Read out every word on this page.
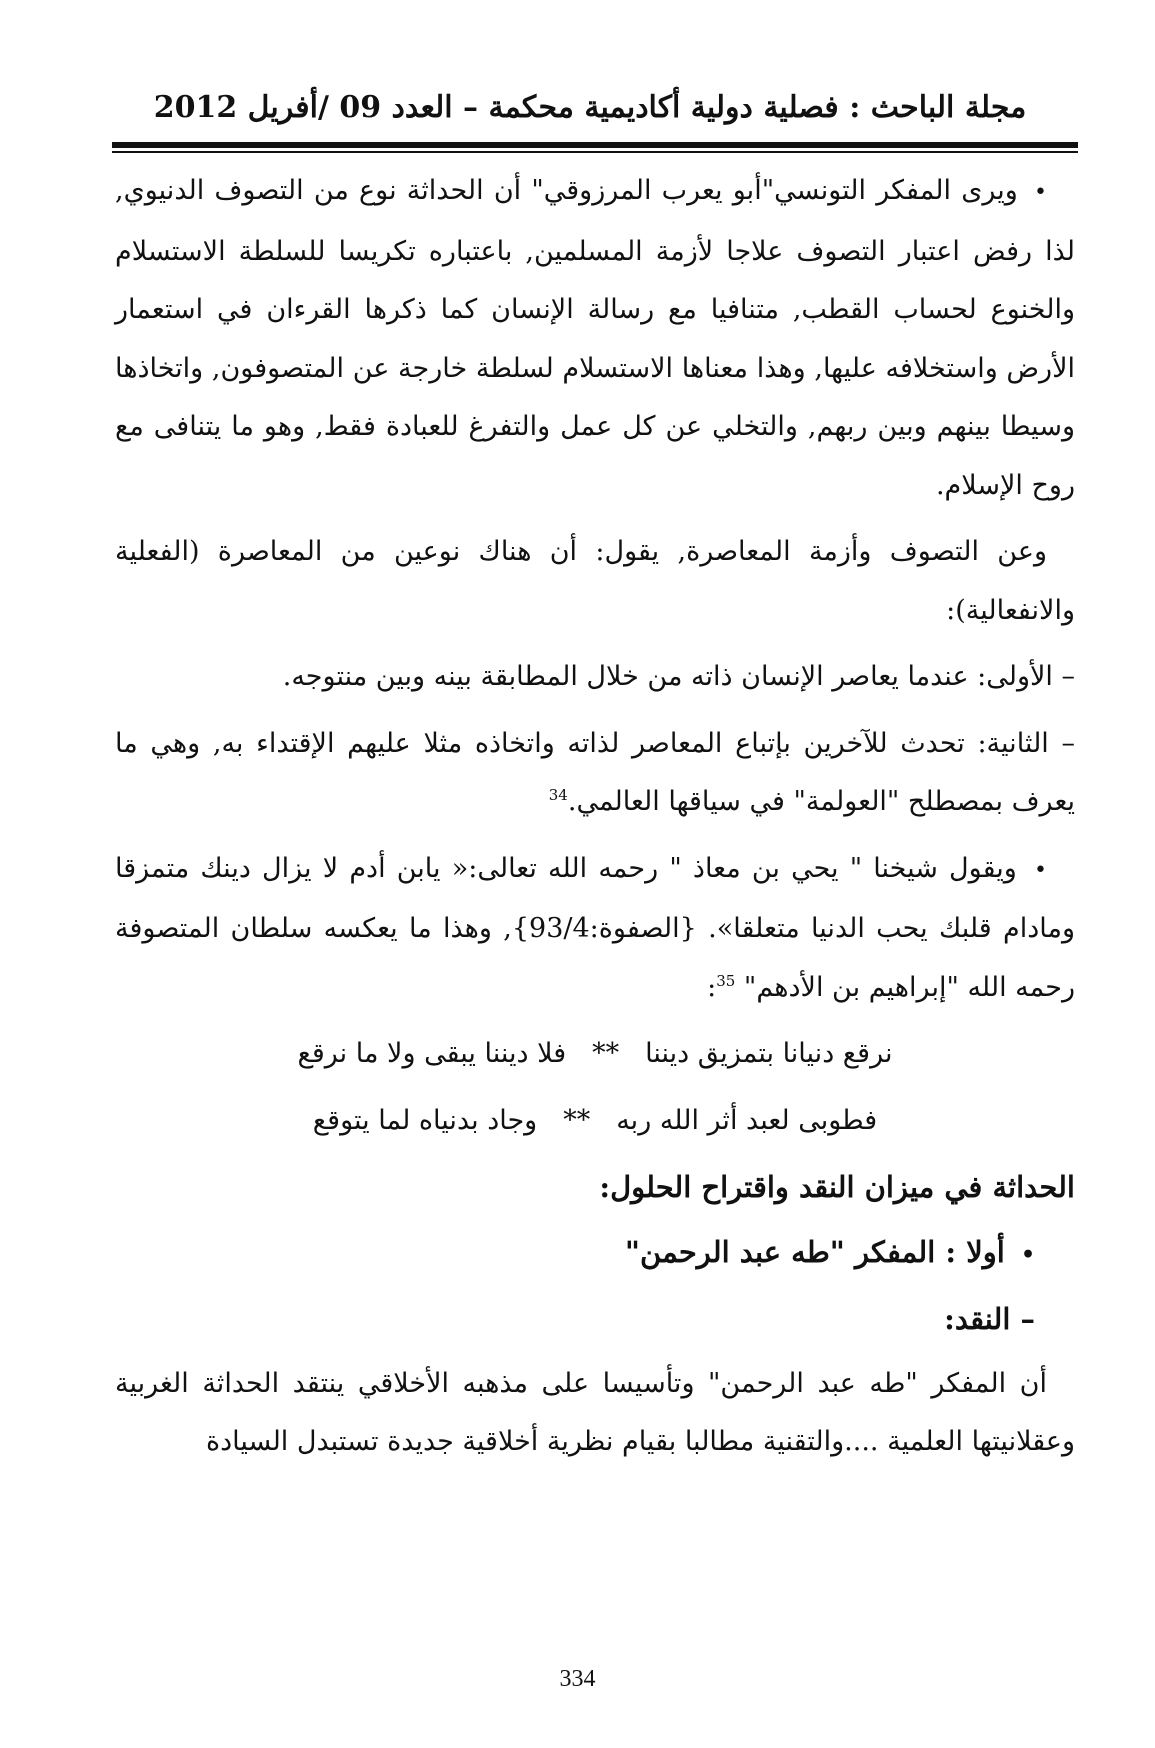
مجلة الباحث : فصلية دولية أكاديمية محكمة – العدد 09 /أفريل 2012

• ويرى المفكر التونسي"أبو يعرب المرزوقي" أن الحداثة نوع من التصوف الدنيوي, لذا رفض اعتبار التصوف علاجا لأزمة المسلمين, باعتباره تكريسا للسلطة الاستسلام والخنوع لحساب القطب, متنافيا مع رسالة الإنسان كما ذكرها القرءان في استعمار الأرض واستخلافه عليها, وهذا معناها الاستسلام لسلطة خارجة عن المتصوفون, واتخاذها وسيطا بينهم وبين ربهم, والتخلي عن كل عمل والتفرغ للعبادة فقط, وهو ما يتنافى مع روح الإسلام.

وعن التصوف وأزمة المعاصرة, يقول: أن هناك نوعين من المعاصرة (الفعلية والانفعالية):

– الأولى: عندما يعاصر الإنسان ذاته من خلال المطابقة بينه وبين منتوجه.

– الثانية: تحدث للآخرين بإتباع المعاصر لذاته واتخاذه مثلا عليهم الإقتداء به, وهي ما يعرف بمصطلح "العولمة" في سياقها العالمي.$^{34}$

• ويقول شيخنا " يحي بن معاذ " رحمه الله تعالى:« يابن أدم لا يزال دينك متمزقا ومادام قلبك يحب الدنيا متعلقا». {الصفوة:93/4}, وهذا ما يعكسه سلطان المتصوفة رحمه الله "إبراهيم بن الأدهم" $^{35}$:

نرقع دنيانا بتمزيق ديننا
**
فلا ديننا يبقى ولا ما نرقع
فطوبى لعبد أثر الله ربه
**
وجاد بدنياه لما يتوقع
الحداثة في ميزان النقد واقتراح الحلول:
• أولا : المفكر "طه عبد الرحمن"
– النقد:

أن المفكر "طه عبد الرحمن" وتأسيسا على مذهبه الأخلاقي ينتقد الحداثة الغربية وعقلانيتها العلمية ....والتقنية مطالبا بقيام نظرية أخلاقية جديدة تستبدل السيادة

334
